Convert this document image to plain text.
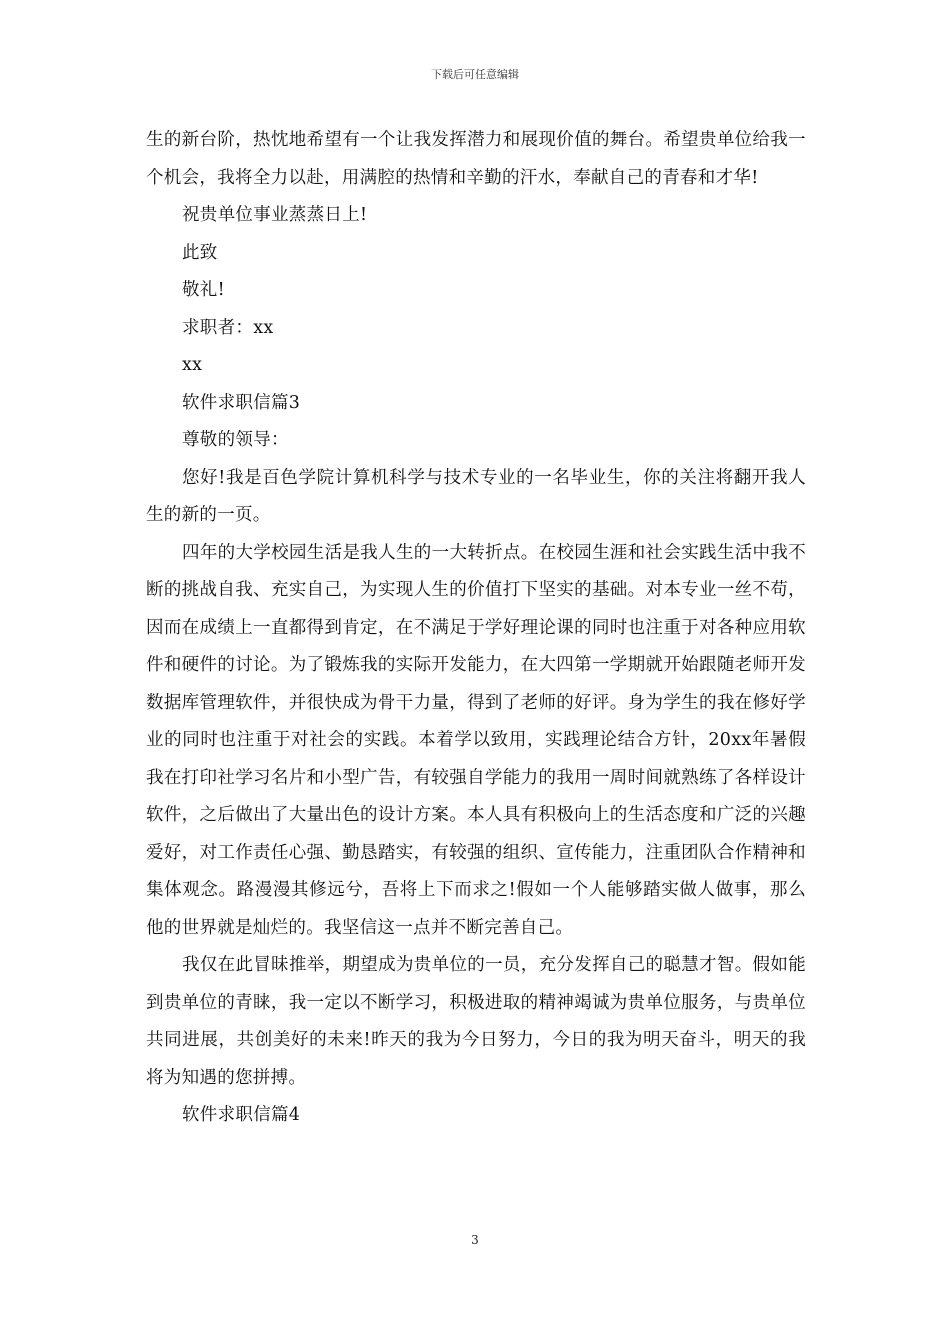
下载后可任意编辑

生的新台阶，热忱地希望有一个让我发挥潜力和展现价值的舞台。希望贵单位给我一个机会，我将全力以赴，用满腔的热情和辛勤的汗水，奉献自己的青春和才华!

祝贵单位事业蒸蒸日上!

此致

敬礼!

求职者：xx

xx

软件求职信篇3

尊敬的领导：

您好!我是百色学院计算机科学与技术专业的一名毕业生，你的关注将翻开我人生的新的一页。

四年的大学校园生活是我人生的一大转折点。在校园生涯和社会实践生活中我不断的挑战自我、充实自己，为实现人生的价值打下坚实的基础。对本专业一丝不苟，因而在成绩上一直都得到肯定，在不满足于学好理论课的同时也注重于对各种应用软件和硬件的讨论。为了锻炼我的实际开发能力，在大四第一学期就开始跟随老师开发数据库管理软件，并很快成为骨干力量，得到了老师的好评。身为学生的我在修好学业的同时也注重于对社会的实践。本着学以致用，实践理论结合方针，20xx年暑假我在打印社学习名片和小型广告，有较强自学能力的我用一周时间就熟练了各样设计软件，之后做出了大量出色的设计方案。本人具有积极向上的生活态度和广泛的兴趣爱好，对工作责任心强、勤恳踏实，有较强的组织、宣传能力，注重团队合作精神和集体观念。路漫漫其修远兮，吾将上下而求之!假如一个人能够踏实做人做事，那么他的世界就是灿烂的。我坚信这一点并不断完善自己。

我仅在此冒昧推举，期望成为贵单位的一员，充分发挥自己的聪慧才智。假如能到贵单位的青睐，我一定以不断学习，积极进取的精神竭诚为贵单位服务，与贵单位共同进展，共创美好的未来!昨天的我为今日努力，今日的我为明天奋斗，明天的我将为知遇的您拼搏。

软件求职信篇4

3
